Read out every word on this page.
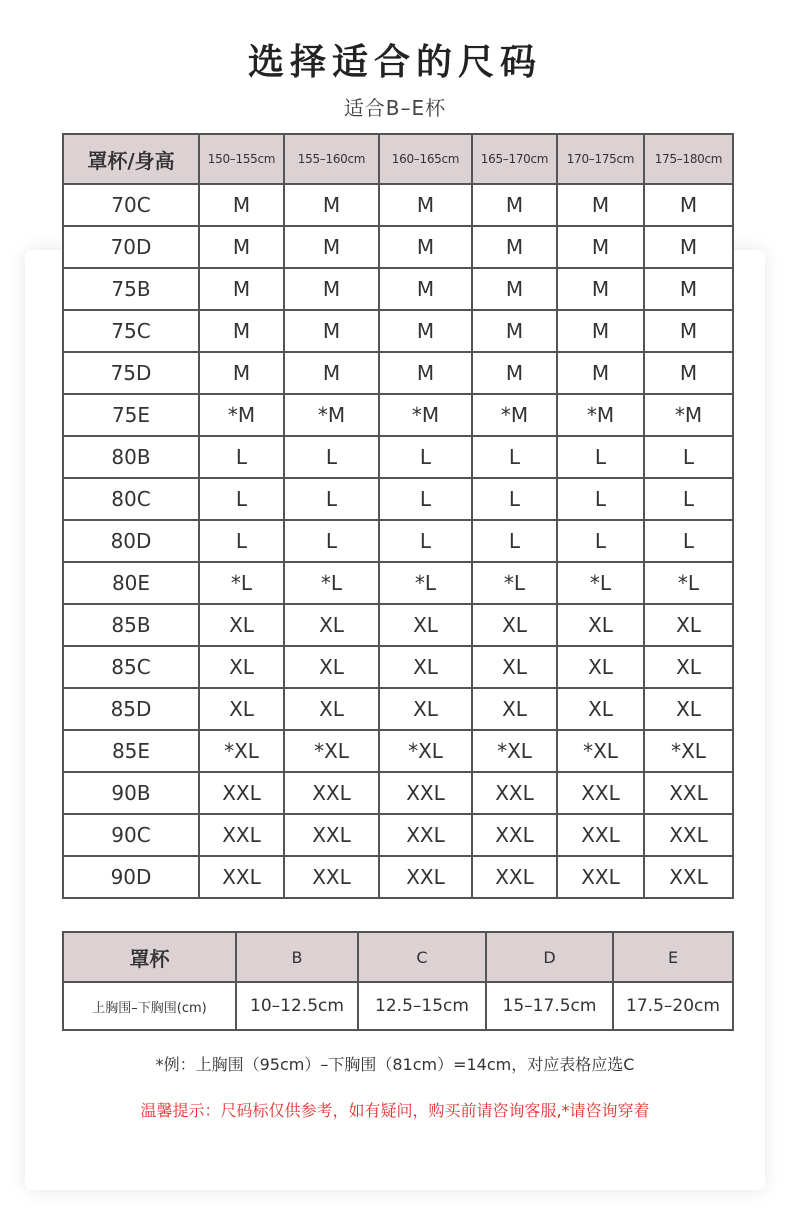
选择适合的尺码
适合B–E杯
罩杯/身高	150–155cm	155–160cm	160–165cm	165–170cm	170–175cm	175–180cm
70C	M	M	M	M	M	M
70D	M	M	M	M	M	M
75B	M	M	M	M	M	M
75C	M	M	M	M	M	M
75D	M	M	M	M	M	M
75E	*M	*M	*M	*M	*M	*M
80B	L	L	L	L	L	L
80C	L	L	L	L	L	L
80D	L	L	L	L	L	L
80E	*L	*L	*L	*L	*L	*L
85B	XL	XL	XL	XL	XL	XL
85C	XL	XL	XL	XL	XL	XL
85D	XL	XL	XL	XL	XL	XL
85E	*XL	*XL	*XL	*XL	*XL	*XL
90B	XXL	XXL	XXL	XXL	XXL	XXL
90C	XXL	XXL	XXL	XXL	XXL	XXL
90D	XXL	XXL	XXL	XXL	XXL	XXL
罩杯	B	C	D	E
上胸围–下胸围(cm)	10–12.5cm	12.5–15cm	15–17.5cm	17.5–20cm
*例：上胸围（95cm）–下胸围（81cm）=14cm，对应表格应选C
温馨提示：尺码标仅供参考，如有疑问，购买前请咨询客服,*请咨询穿着
